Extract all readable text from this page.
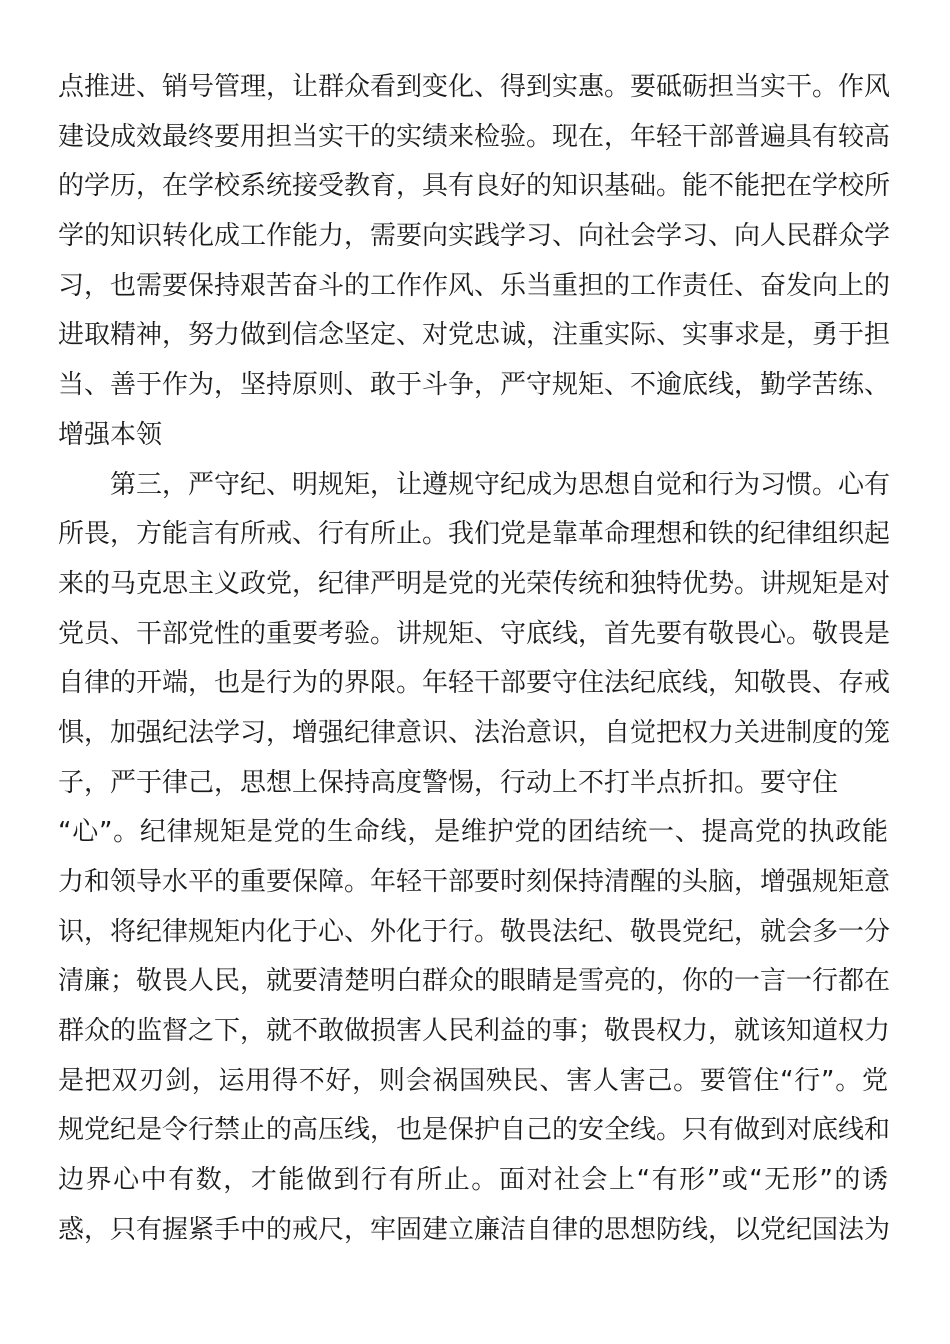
点推进、销号管理，让群众看到变化、得到实惠。要砥砺担当实干。作风
建设成效最终要用担当实干的实绩来检验。现在，年轻干部普遍具有较高
的学历，在学校系统接受教育，具有良好的知识基础。能不能把在学校所
学的知识转化成工作能力，需要向实践学习、向社会学习、向人民群众学
习，也需要保持艰苦奋斗的工作作风、乐当重担的工作责任、奋发向上的
进取精神，努力做到信念坚定、对党忠诚，注重实际、实事求是，勇于担
当、善于作为，坚持原则、敢于斗争，严守规矩、不逾底线，勤学苦练、
增强本领
第三，严守纪、明规矩，让遵规守纪成为思想自觉和行为习惯。心有
所畏，方能言有所戒、行有所止。我们党是靠革命理想和铁的纪律组织起
来的马克思主义政党，纪律严明是党的光荣传统和独特优势。讲规矩是对
党员、干部党性的重要考验。讲规矩、守底线，首先要有敬畏心。敬畏是
自律的开端，也是行为的界限。年轻干部要守住法纪底线，知敬畏、存戒
惧，加强纪法学习，增强纪律意识、法治意识，自觉把权力关进制度的笼
子，严于律己，思想上保持高度警惕，行动上不打半点折扣。要守住
“心”。纪律规矩是党的生命线，是维护党的团结统一、提高党的执政能
力和领导水平的重要保障。年轻干部要时刻保持清醒的头脑，增强规矩意
识，将纪律规矩内化于心、外化于行。敬畏法纪、敬畏党纪，就会多一分
清廉；敬畏人民，就要清楚明白群众的眼睛是雪亮的，你的一言一行都在
群众的监督之下，就不敢做损害人民利益的事；敬畏权力，就该知道权力
是把双刃剑，运用得不好，则会祸国殃民、害人害己。要管住“行”。党
规党纪是令行禁止的高压线，也是保护自己的安全线。只有做到对底线和
边界心中有数，才能做到行有所止。面对社会上“有形”或“无形”的诱
惑，只有握紧手中的戒尺，牢固建立廉洁自律的思想防线，以党纪国法为
